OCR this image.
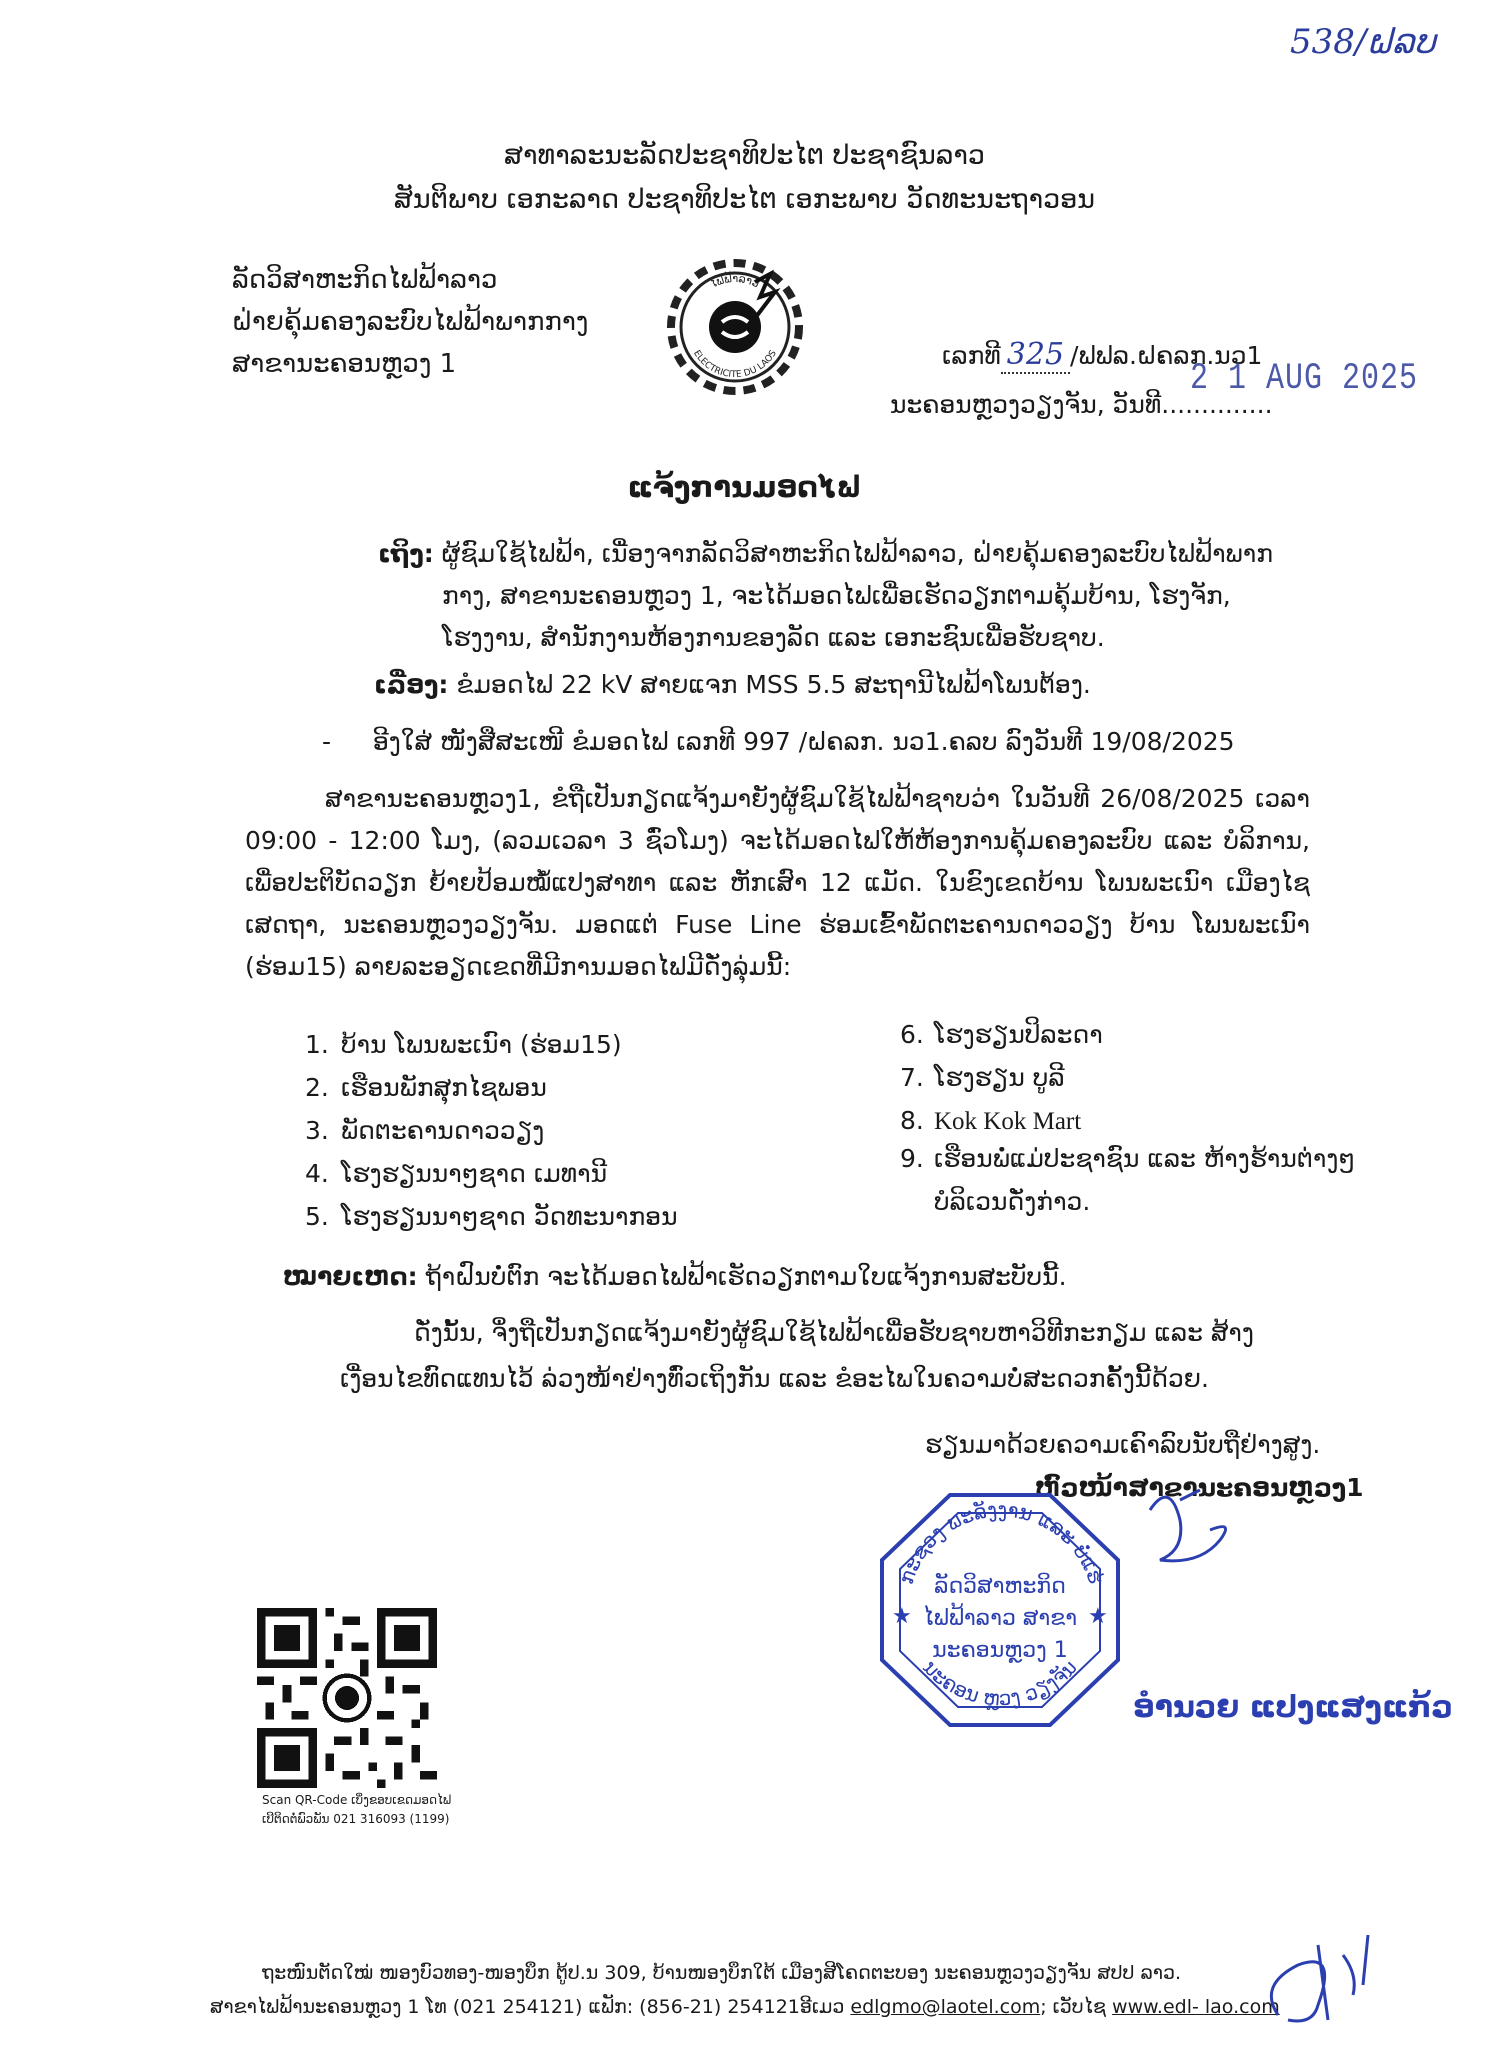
538/ຝລບ
ສາທາລະນະລັດປະຊາທິປະໄຕ ປະຊາຊົນລາວ
ສັນຕິພາບ ເອກະລາດ ປະຊາທິປະໄຕ ເອກະພາບ ວັດທະນະຖາວອນ
ລັດວິສາຫະກິດໄຟຟ້າລາວ
ຝ່າຍຄຸ້ມຄອງລະບົບໄຟຟ້າພາກກາງ
ສາຂານະຄອນຫຼວງ 1
ໄຟຟ້າລາວ
ELECTRICITE DU LAOS	ເລກທີ 325 /ຟຟລ.ຝຄລກ.ນວ1
2 1 AUG 2025
ນະຄອນຫຼວງວຽງຈັນ, ວັນທີ..............
ແຈ້ງການມອດໄຟ
ເຖິງ: ຜູ້ຊົມໃຊ້ໄຟຟ້າ, ເນື່ອງຈາກລັດວິສາຫະກິດໄຟຟ້າລາວ, ຝ່າຍຄຸ້ມຄອງລະບົບໄຟຟ້າພາກກາງ, ສາຂານະຄອນຫຼວງ 1, ຈະໄດ້ມອດໄຟເພື່ອເຮັດວຽກຕາມຄຸ້ມບ້ານ, ໂຮງຈັກ, ໂຮງງານ, ສຳນັກງານຫ້ອງການຂອງລັດ ແລະ ເອກະຊົນເພື່ອຮັບຊາບ.
ເລື່ອງ: ຂໍມອດໄຟ 22 kV ສາຍແຈກ MSS 5.5 ສະຖານີໄຟຟ້າໂພນຕ້ອງ.
- ອີງໃສ່ ໜັງສືສະເໜີ ຂໍມອດໄຟ ເລກທີ 997 /ຝຄລກ. ນວ1.ຄລບ ລົງວັນທີ 19/08/2025
ສາຂານະຄອນຫຼວງ1, ຂໍຖືເປັນກຽດແຈ້ງມາຍັງຜູ້ຊົມໃຊ້ໄຟຟ້າຊາບວ່າ ໃນວັນທີ 26/08/2025 ເວລາ 09:00 - 12:00 ໂມງ, (ລວມເວລາ 3 ຊົ່ວໂມງ) ຈະໄດ້ມອດໄຟໃຫ້ຫ້ອງການຄຸ້ມຄອງລະບົບ ແລະ ບໍລິການ, ເພື່ອປະຕິບັດວຽກ ຍ້າຍປ້ອມໝໍ້ແປງສາທາ ແລະ ຫັກເສົາ 12 ແມັດ. ໃນຂົງເຂດບ້ານ ໂພນພະເນົາ ເມືອງໄຊເສດຖາ, ນະຄອນຫຼວງວຽງຈັນ. ມອດແຕ່ Fuse Line ຮ່ອມເຂົ້າພັດຕະຄານດາວວຽງ ບ້ານ ໂພນພະເນົາ (ຮ່ອມ15) ລາຍລະອຽດເຂດທີ່ມີການມອດໄຟມີດັ່ງລຸ່ມນີ້:
1. ບ້ານ ໂພນພະເນົາ (ຮ່ອມ15)
2. ເຮືອນພັກສຸກໄຊພອນ
3. ພັດຕະຄານດາວວຽງ
4. ໂຮງຮຽນນາໆຊາດ ເມທານີ
5. ໂຮງຮຽນນາໆຊາດ ວັດທະນາກອນ
6. ໂຮງຮຽນປິລະດາ
7. ໂຮງຮຽນ ບູລີ
8. Kok Kok Mart
9. ເຮືອນພໍ່ແມ່ປະຊາຊົນ ແລະ ຫ້າງຮ້ານຕ່າງໆ
ບໍລິເວນດັ່ງກ່າວ.
ໝາຍເຫດ: ຖ້າຝົນບໍ່ຕົກ ຈະໄດ້ມອດໄຟຟ້າເຮັດວຽກຕາມໃບແຈ້ງການສະບັບນີ້.
ດັ່ງນັ້ນ, ຈຶ່ງຖືເປັນກຽດແຈ້ງມາຍັງຜູ້ຊົມໃຊ້ໄຟຟ້າເພື່ອຮັບຊາບຫາວິທີກະກຽມ ແລະ ສ້າງເງື່ອນໄຂທົດແທນໄວ້ ລ່ວງໜ້າຢ່າງທົ່ວເຖິງກັນ ແລະ ຂໍອະໄພໃນຄວາມບໍ່ສະດວກຄັ້ງນີ້ດ້ວຍ.
ຮຽນມາດ້ວຍຄວາມເຄົາລົບນັບຖືຢ່າງສູງ.
ຫົວໜ້າສາຂານະຄອນຫຼວງ1
ກະຊວງ ພະລັງງານ ແລະ ບໍ່ແຮ່
ນະຄອນ ຫຼວງ ວຽງຈັນ
ລັດວິສາຫະກິດ
ໄຟຟ້າລາວ ສາຂາ
ນະຄອນຫຼວງ 1
★	★
ອຳນວຍ ແປງແສງແກ້ວ
Scan QR-Code ເບິ່ງຂອບເຂດມອດໄຟ
ເບີຕິດຕໍ່ພົວພັນ 021 316093 (1199)
ຖະໜົນຕັດໃໝ່ ໜອງບົວທອງ-ໜອງບຶກ ຕູ້ປ.ນ 309, ບ້ານໜອງບຶກໃຕ້ ເມືອງສີໂຄດຕະບອງ ນະຄອນຫຼວງວຽງຈັນ ສປປ ລາວ.
ສາຂາໄຟຟ້ານະຄອນຫຼວງ 1 ໂທ (021 254121) ແຟັກ: (856-21) 254121ອີເມວ edlgmo@laotel.com; ເວັບໄຊ www.edl- lao.com
